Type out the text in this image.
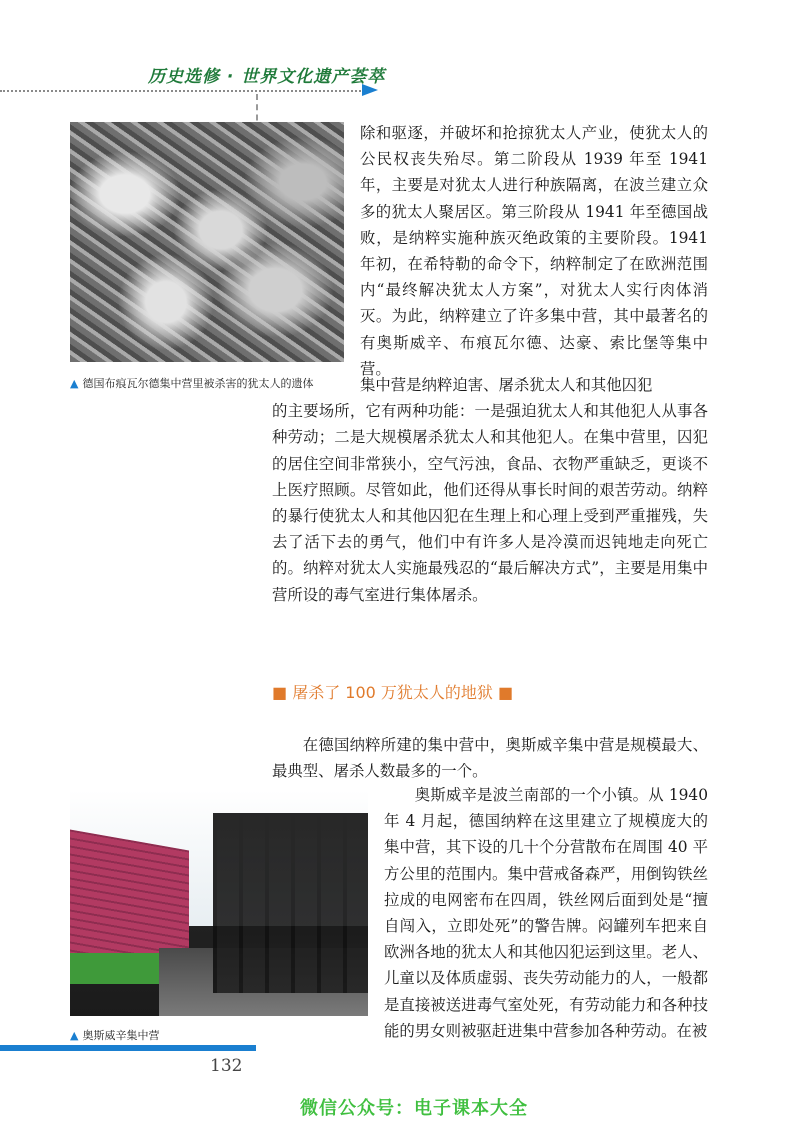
历史选修 · 世界文化遗产荟萃
▲ 德国布痕瓦尔德集中营里被杀害的犹太人的遗体

除和驱逐，并破坏和抢掠犹太人产业，使犹太人的公民权丧失殆尽。第二阶段从 1939 年至 1941 年，主要是对犹太人进行种族隔离，在波兰建立众多的犹太人聚居区。第三阶段从 1941 年至德国战败，是纳粹实施种族灭绝政策的主要阶段。1941 年初，在希特勒的命令下，纳粹制定了在欧洲范围内“最终解决犹太人方案”，对犹太人实行肉体消灭。为此，纳粹建立了许多集中营，其中最著名的有奥斯威辛、布痕瓦尔德、达豪、索比堡等集中营。

集中营是纳粹迫害、屠杀犹太人和其他囚犯
的主要场所，它有两种功能：一是强迫犹太人和其他犯人从事各种劳动；二是大规模屠杀犹太人和其他犯人。在集中营里，囚犯的居住空间非常狭小，空气污浊，食品、衣物严重缺乏，更谈不上医疗照顾。尽管如此，他们还得从事长时间的艰苦劳动。纳粹的暴行使犹太人和其他囚犯在生理上和心理上受到严重摧残，失去了活下去的勇气，他们中有许多人是冷漠而迟钝地走向死亡的。纳粹对犹太人实施最残忍的“最后解决方式”，主要是用集中营所设的毒气室进行集体屠杀。

■ 屠杀了 100 万犹太人的地狱 ■

在德国纳粹所建的集中营中，奥斯威辛集中营是规模最大、最典型、屠杀人数最多的一个。

▲ 奥斯威辛集中营

奥斯威辛是波兰南部的一个小镇。从 1940 年 4 月起，德国纳粹在这里建立了规模庞大的集中营，其下设的几十个分营散布在周围 40 平方公里的范围内。集中营戒备森严，用倒钩铁丝拉成的电网密布在四周，铁丝网后面到处是“擅自闯入，立即处死”的警告牌。闷罐列车把来自欧洲各地的犹太人和其他囚犯运到这里。老人、儿童以及体质虚弱、丧失劳动能力的人，一般都是直接被送进毒气室处死，有劳动能力和各种技能的男女则被驱赶进集中营参加各种劳动。在被

132
微信公众号：电子课本大全
